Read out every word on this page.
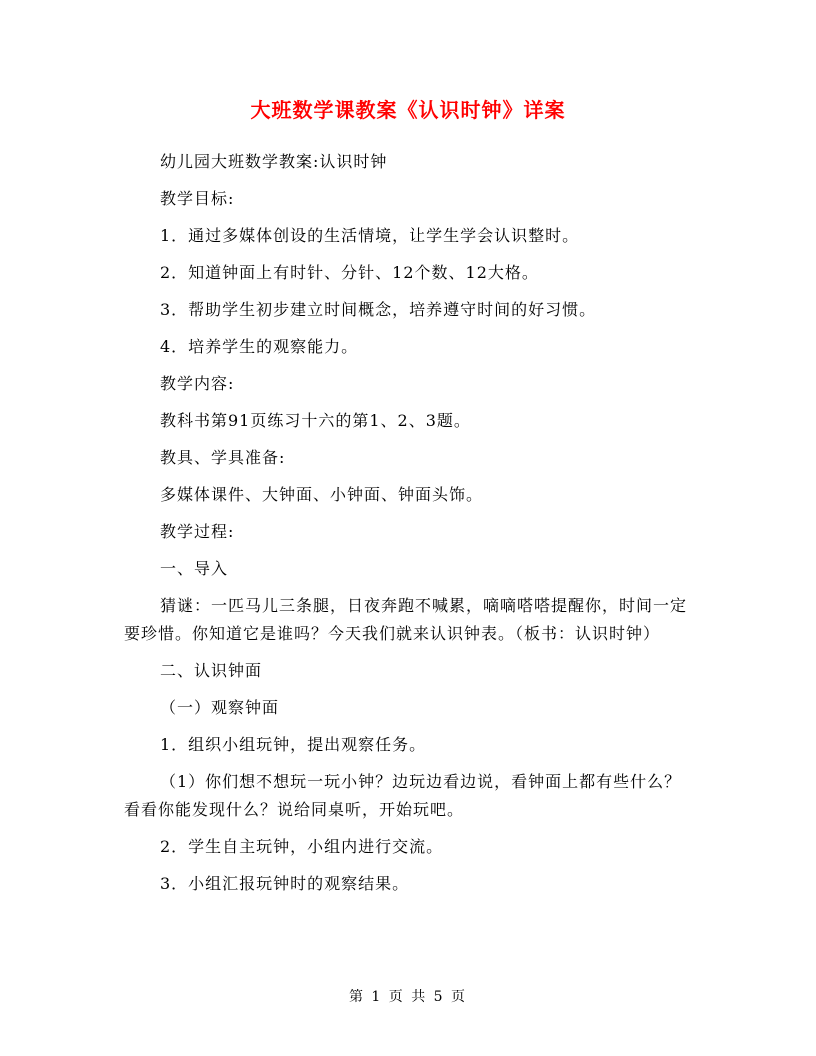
大班数学课教案《认识时钟》详案

幼儿园大班数学教案:认识时钟

教学目标:

1．通过多媒体创设的生活情境，让学生学会认识整时。

2．知道钟面上有时针、分针、12个数、12大格。

3．帮助学生初步建立时间概念，培养遵守时间的好习惯。

4．培养学生的观察能力。

教学内容:

教科书第91页练习十六的第1、2、3题。

教具、学具准备:

多媒体课件、大钟面、小钟面、钟面头饰。

教学过程:

一、导入

猜谜：一匹马儿三条腿，日夜奔跑不喊累，嘀嘀嗒嗒提醒你，时间一定要珍惜。你知道它是谁吗？今天我们就来认识钟表。（板书：认识时钟）

二、认识钟面

（一）观察钟面

1．组织小组玩钟，提出观察任务。

（1）你们想不想玩一玩小钟？边玩边看边说，看钟面上都有些什么？看看你能发现什么？说给同桌听，开始玩吧。

2．学生自主玩钟，小组内进行交流。

3．小组汇报玩钟时的观察结果。

第 1 页 共 5 页
